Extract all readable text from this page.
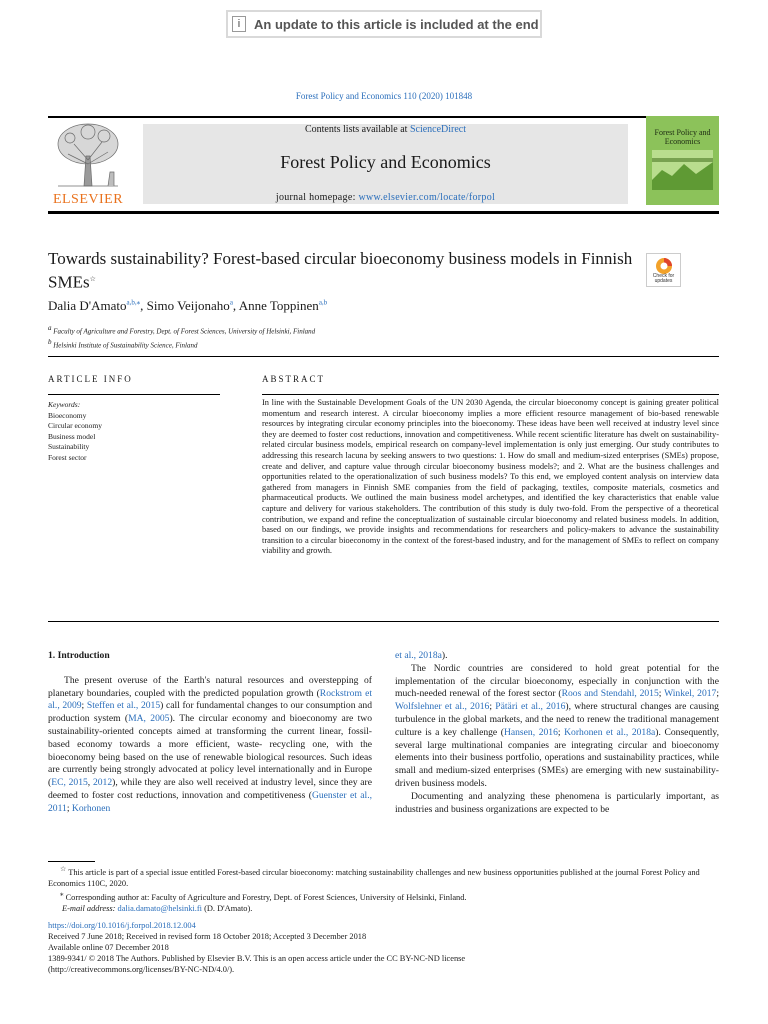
i	An update to this article is included at the end
Forest Policy and Economics 110 (2020) 101848
ELSEVIER
Contents lists available at ScienceDirect
Forest Policy and Economics
journal homepage: www.elsevier.com/locate/forpol
Forest Policy and Economics
Towards sustainability? Forest-based circular bioeconomy business models in Finnish SMEs☆	Check for updates
Dalia D'Amato$^{a,b,⁎}$, Simo Veijonaho$^a$, Anne Toppinen$^{a,b}$
$^a$ Faculty of Agriculture and Forestry, Dept. of Forest Sciences, University of Helsinki, Finland
$^b$ Helsinki Institute of Sustainability Science, Finland
ARTICLE INFO	ABSTRACT
Keywords:
Bioeconomy
Circular economy
Business model
Sustainability
Forest sector
In line with the Sustainable Development Goals of the UN 2030 Agenda, the circular bioeconomy concept is gaining greater political momentum and research interest. A circular bioeconomy implies a more efficient resource management of bio-based renewable resources by integrating circular economy principles into the bioeconomy. These ideas have been well received at industry level since they are deemed to foster cost reductions, innovation and competitiveness. While recent scientific literature has dwelt on sustainability-related circular business models, empirical research on company-level implementation is only just emerging. Our study contributes to addressing this research lacuna by seeking answers to two questions: 1. How do small and medium-sized enterprises (SMEs) propose, create and deliver, and capture value through circular bioeconomy business models?; and 2. What are the business challenges and opportunities related to the operationalization of such business models? To this end, we employed content analysis on interview data gathered from managers in Finnish SME companies from the field of packaging, textiles, composite materials, cosmetics and pharmaceutical products. We outlined the main business model archetypes, and identified the key characteristics that enable value capture and delivery for various stakeholders. The contribution of this study is duly two-fold. From the perspective of a theoretical contribution, we expand and refine the conceptualization of sustainable circular bioeconomy and related business models. In addition, based on our findings, we provide insights and recommendations for researchers and policy-makers to advance the sustainability transition to a circular bioeconomy in the context of the forest-based industry, and for the management of SMEs to reflect on company viability and growth.
1. Introduction

The present overuse of the Earth's natural resources and overstepping of planetary boundaries, coupled with the predicted population growth (Rockstrom et al., 2009; Steffen et al., 2015) call for fundamental changes to our consumption and production system (MA, 2005). The circular economy and bioeconomy are two sustainability-oriented concepts aimed at transforming the current linear, fossil-based economy towards a more efficient, waste- recycling one, with the bioeconomy being based on the use of renewable biological resources. Such ideas are currently being strongly advocated at policy level internationally and in Europe (EC, 2015, 2012), while they are also well received at industry level, since they are deemed to foster cost reductions, innovation and competitiveness (Guenster et al., 2011; Korhonen

et al., 2018a).

The Nordic countries are considered to hold great potential for the implementation of the circular bioeconomy, especially in conjunction with the much-needed renewal of the forest sector (Roos and Stendahl, 2015; Winkel, 2017; Wolfslehner et al., 2016; Pätäri et al., 2016), where structural changes are causing turbulence in the global markets, and the need to renew the traditional management culture is a key challenge (Hansen, 2016; Korhonen et al., 2018a). Consequently, several large multinational companies are integrating circular and bioeconomy elements into their business portfolio, operations and sustainability practices, while small and medium-sized enterprises (SMEs) are emerging with new sustainability-driven business models.

Documenting and analyzing these phenomena is particularly important, as industries and business organizations are expected to be

☆ This article is part of a special issue entitled Forest-based circular bioeconomy: matching sustainability challenges and new business opportunities published at the journal Forest Policy and Economics 110C, 2020.
⁎ Corresponding author at: Faculty of Agriculture and Forestry, Dept. of Forest Sciences, University of Helsinki, Finland.
E-mail address: dalia.damato@helsinki.fi (D. D'Amato).
https://doi.org/10.1016/j.forpol.2018.12.004
Received 7 June 2018; Received in revised form 18 October 2018; Accepted 3 December 2018
Available online 07 December 2018
1389-9341/ © 2018 The Authors. Published by Elsevier B.V. This is an open access article under the CC BY-NC-ND license
(http://creativecommons.org/licenses/BY-NC-ND/4.0/).
